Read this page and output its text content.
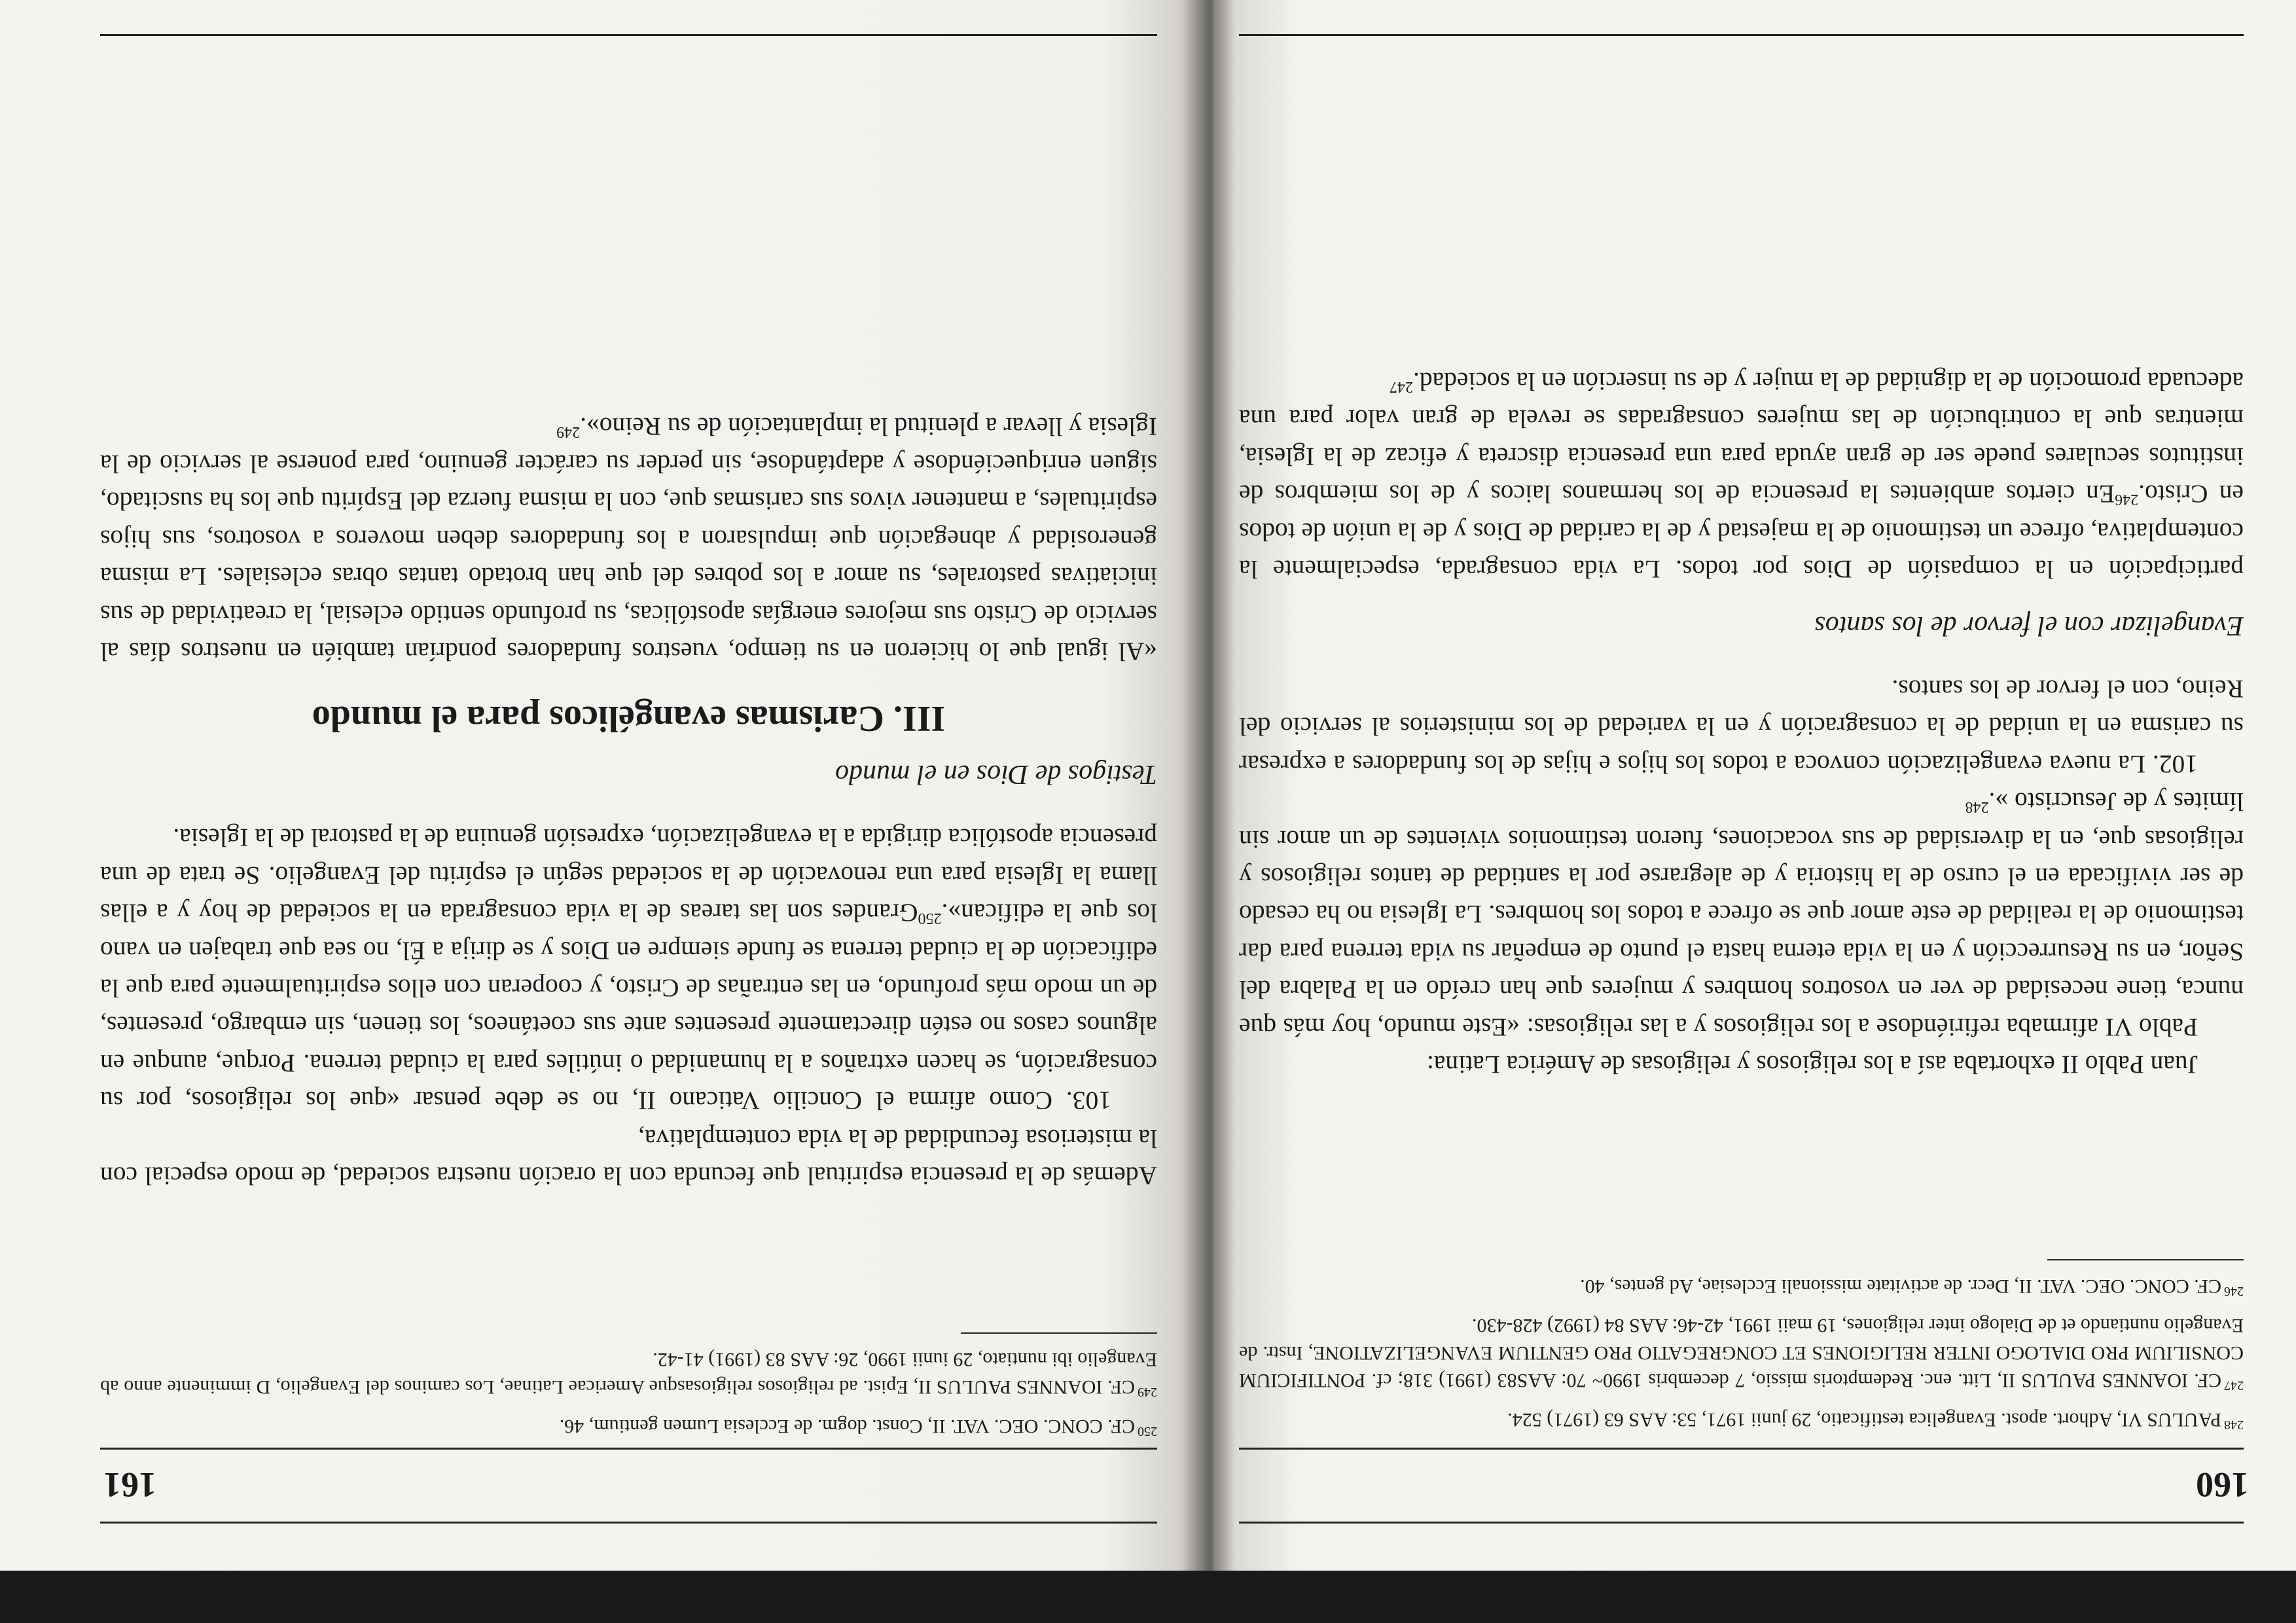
160
$^{248}$PAULUS VI, Adhort. apost. Evangelica testificatio, 29 junii 1971, 53: AAS 63 (1971) 524.
$^{247}$CF. IOANNES PAULUS II, Litt. enc. Redemptoris missio, 7 decembris 1990~ 70: AAS83 (1991) 318; cf. PONTIFICIUM CONSILIUM PRO DIALOGO INTER RELIGIONES ET CONGREGATIO PRO GENTIUM EVANGELIZATIONE, Instr. de Evangelio nuntiando et de Dialogo inter religiones, 19 maii 1991, 42-46: AAS 84 (1992) 428-430.
$^{246}$CF. CONC. OEC. VAT. II, Decr. de activitate missionali Ecclesiae, Ad gentes, 40.

Juan Pablo II exhortaba así a los religiosos y religiosas de América Latina:

Pablo VI afirmaba refiriéndose a los religiosos y a las religiosas: «Este mundo, hoy más que nunca, tiene necesidad de ver en vosotros hombres y mujeres que han creído en la Palabra del Señor, en su Resurrección y en la vida eterna hasta el punto de empeñar su vida terrena para dar testimonio de la realidad de este amor que se ofrece a todos los hombres. La Iglesia no ha cesado de ser vivificada en el curso de la historia y de alegrarse por la santidad de tantos religiosos y religiosas que, en la diversidad de sus vocaciones, fueron testimonios vivientes de un amor sin límites y de Jesucristo ».$^{248}$

102. La nueva evangelización convoca a todos los hijos e hijas de los fundadores a expresar su carisma en la unidad de la consagración y en la variedad de los ministerios al servicio del Reino, con el fervor de los santos.

Evangelizar con el fervor de los santos

participación en la compasión de Dios por todos. La vida consagrada, especialmente la contemplativa, ofrece un testimonio de la majestad y de la caridad de Dios y de la unión de todos en Cristo.$^{246}$En ciertos ambientes la presencia de los hermanos laicos y de los miembros de institutos seculares puede ser de gran ayuda para una presencia discreta y eficaz de la Iglesia, mientras que la contribución de las mujeres consagradas se revela de gran valor para una adecuada promoción de la dignidad de la mujer y de su inserción en la sociedad.$^{247}$

161
$^{250}$CF. CONC. OEC. VAT. II, Const. dogm. de Ecclesia Lumen gentium, 46.
$^{249}$CF. IOANNES PAULUS II, Epist. ad religiosos religiosasque Americae Latinae, Los caminos del Evangelio, D imminente anno ab Evangelio ibi nuntiato, 29 iunii 1990, 26: AAS 83 (1991) 41-42.

Además de la presencia espiritual que fecunda con la oración nuestra sociedad, de modo especial con la misteriosa fecundidad de la vida contemplativa,

103. Como afirma el Concilio Vaticano II, no se debe pensar «que los religiosos, por su consagración, se hacen extraños a la humanidad o inútiles para la ciudad terrena. Porque, aunque en algunos casos no estén directamente presentes ante sus coetáneos, los tienen, sin embargo, presentes, de un modo más profundo, en las entrañas de Cristo, y cooperan con ellos espiritualmente para que la edificación de la ciudad terrena se funde siempre en Dios y se dirija a Él, no sea que trabajen en vano los que la edifican».$^{250}$Grandes son las tareas de la vida consagrada en la sociedad de hoy y a ellas llama la Iglesia para una renovación de la sociedad según el espíritu del Evangelio. Se trata de una presencia apostólica dirigida a la evangelización, expresión genuina de la pastoral de la Iglesia.

Testigos de Dios en el mundo
III. Carismas evangélicos para el mundo

«Al igual que lo hicieron en su tiempo, vuestros fundadores pondrían también en nuestros días al servicio de Cristo sus mejores energías apostólicas, su profundo sentido eclesial, la creatividad de sus iniciativas pastorales, su amor a los pobres del que han brotado tantas obras eclesiales. La misma generosidad y abnegación que impulsaron a los fundadores deben moveros a vosotros, sus hijos espirituales, a mantener vivos sus carismas que, con la misma fuerza del Espíritu que los ha suscitado, siguen enriqueciéndose y adaptándose, sin perder su carácter genuino, para ponerse al servicio de la Iglesia y llevar a plenitud la implantación de su Reino».$^{249}$
